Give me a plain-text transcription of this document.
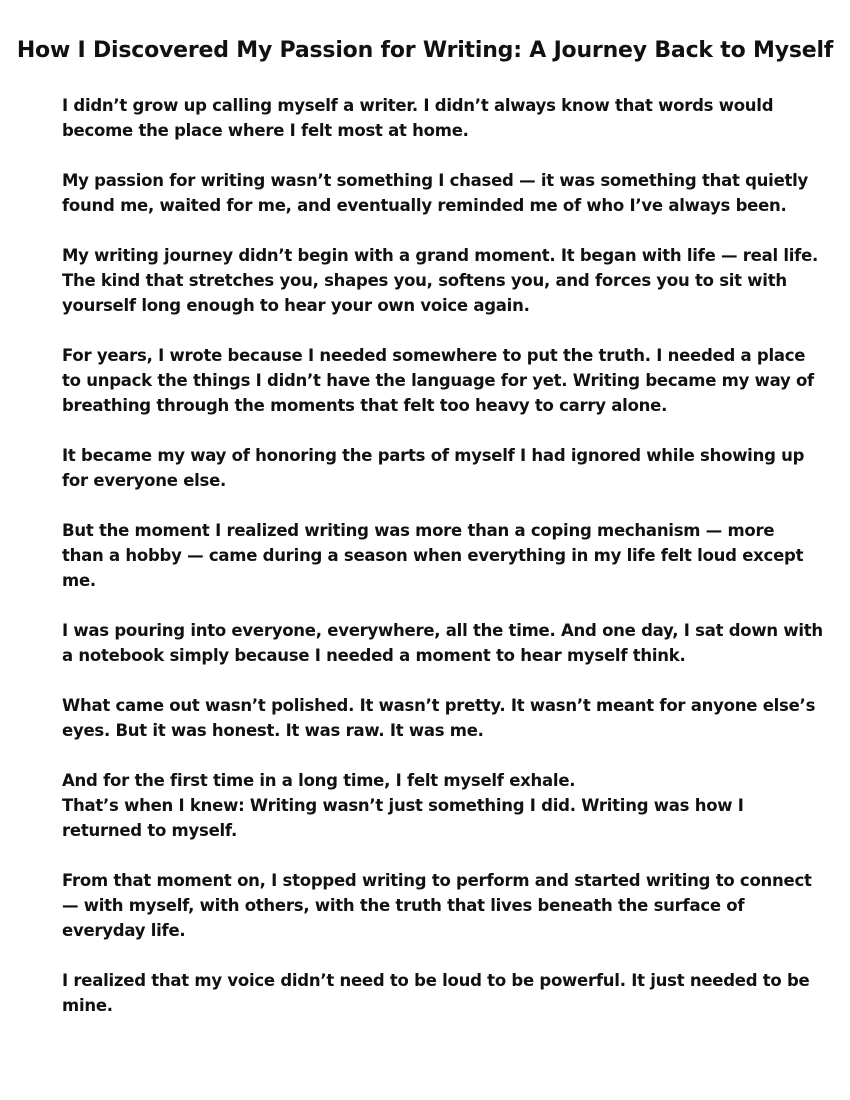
How I Discovered My Passion for Writing: A Journey Back to Myself

I didn’t grow up calling myself a writer. I didn’t always know that words would
become the place where I felt most at home.

My passion for writing wasn’t something I chased — it was something that quietly
found me, waited for me, and eventually reminded me of who I’ve always been.

My writing journey didn’t begin with a grand moment. It began with life — real life.
The kind that stretches you, shapes you, softens you, and forces you to sit with
yourself long enough to hear your own voice again.

For years, I wrote because I needed somewhere to put the truth. I needed a place
to unpack the things I didn’t have the language for yet. Writing became my way of
breathing through the moments that felt too heavy to carry alone.

It became my way of honoring the parts of myself I had ignored while showing up
for everyone else.

But the moment I realized writing was more than a coping mechanism — more
than a hobby — came during a season when everything in my life felt loud except
me.

I was pouring into everyone, everywhere, all the time. And one day, I sat down with
a notebook simply because I needed a moment to hear myself think.

What came out wasn’t polished. It wasn’t pretty. It wasn’t meant for anyone else’s
eyes. But it was honest. It was raw. It was me.

And for the first time in a long time, I felt myself exhale.
That’s when I knew: Writing wasn’t just something I did. Writing was how I
returned to myself.

From that moment on, I stopped writing to perform and started writing to connect
— with myself, with others, with the truth that lives beneath the surface of
everyday life.

I realized that my voice didn’t need to be loud to be powerful. It just needed to be
mine.
